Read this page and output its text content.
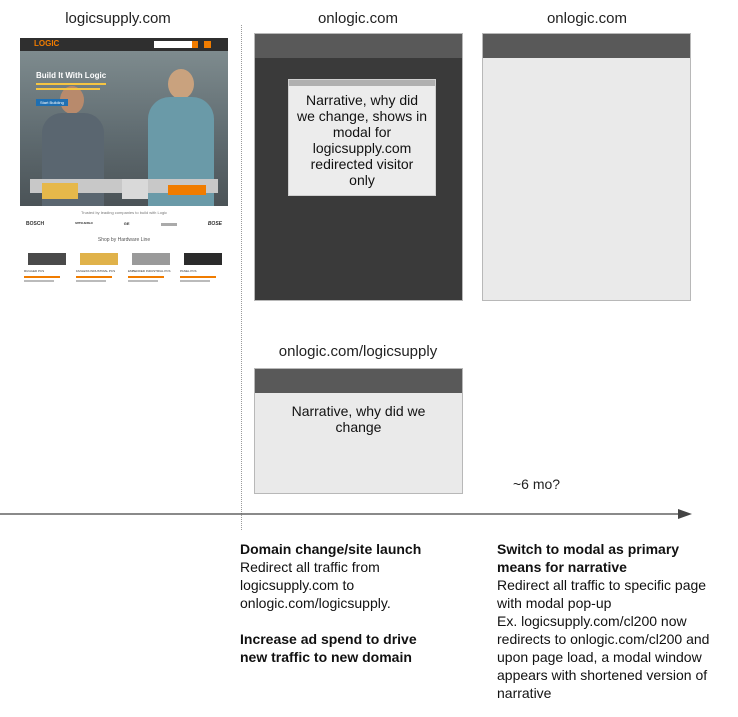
logicsupply.com	onlogic.com	onlogic.com
LOGIC
Build It With Logic
Start Building
Trusted by leading companies to build with Logic
BOSCH	MITSUBISHI	GE	BOSE
Shop by Hardware Line
RUGGED PCS	FANLESS INDUSTRIAL PCS	EMBEDDED INDUSTRIAL PCS	PANEL PCS
Narrative, why did we change, shows in modal for logicsupply.com redirected visitor only
onlogic.com/logicsupply
Narrative, why did we change
~6 mo?
Domain change/site launch
Redirect all traffic from
logicsupply.com to
onlogic.com/logicsupply.
Increase ad spend to drive
new traffic to new domain
Switch to modal as primary
means for narrative
Redirect all traffic to specific page
with modal pop-up
Ex. logicsupply.com/cl200 now
redirects to onlogic.com/cl200 and
upon page load, a modal window
appears with shortened version of
narrative
